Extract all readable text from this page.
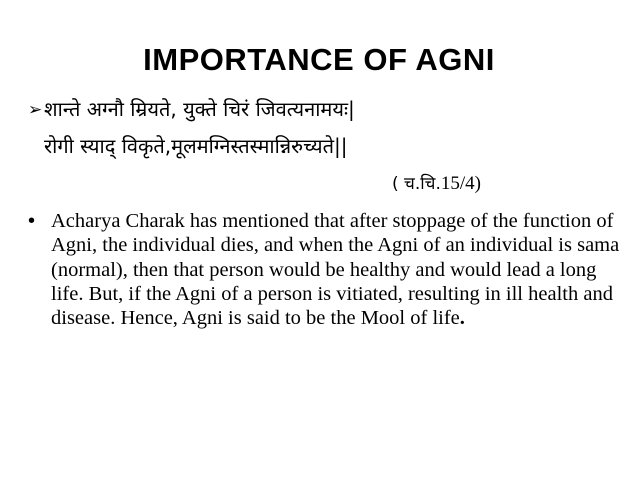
IMPORTANCE OF AGNI
➢शान्ते अग्नौ म्रियते, युक्ते चिरं जिवत्यनामयः|
रोगी स्याद् विकृते,मूलमग्निस्तस्मान्निरुच्यते||
( च.चि.15/4)
• Acharya Charak has mentioned that after stoppage of the function of Agni, the individual dies, and when the Agni of an individual is sama (normal), then that person would be healthy and would lead a long life. But, if the Agni of a person is vitiated, resulting in ill health and disease. Hence, Agni is said to be the Mool of life.
